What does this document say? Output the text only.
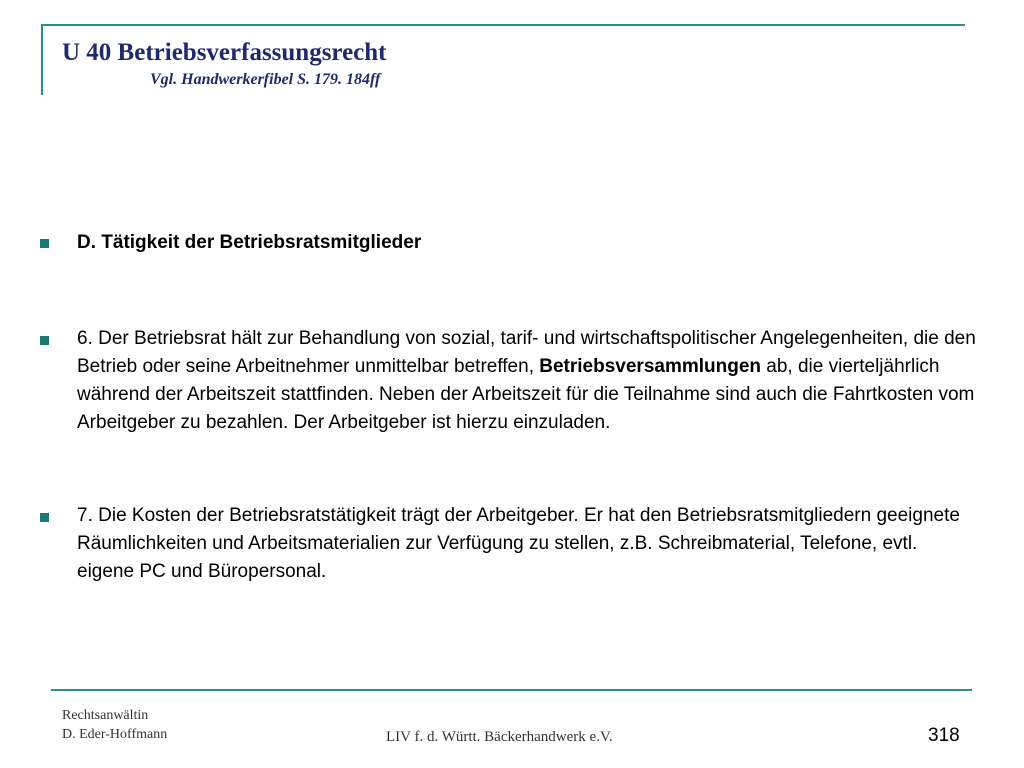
U 40 Betriebsverfassungsrecht

Vgl. Handwerkerfibel S. 179. 184ff

D. Tätigkeit der Betriebsratsmitglieder

6. Der Betriebsrat hält zur Behandlung von sozial, tarif- und wirtschaftspolitischer Angelegenheiten, die den Betrieb oder seine Arbeitnehmer unmittelbar betreffen, Betriebsversammlungen ab, die vierteljährlich während der Arbeitszeit stattfinden. Neben der Arbeitszeit für die Teilnahme sind auch die Fahrtkosten vom Arbeitgeber zu bezahlen. Der Arbeitgeber ist hierzu einzuladen.

7. Die Kosten der Betriebsratstätigkeit trägt der Arbeitgeber. Er hat den Betriebsratsmitgliedern geeignete Räumlichkeiten und Arbeitsmaterialien zur Verfügung zu stellen, z.B. Schreibmaterial, Telefone, evtl. eigene PC und Büropersonal.

Rechtsanwältin
D. Eder-Hoffmann	LIV f. d. Württ. Bäckerhandwerk e.V.	318
